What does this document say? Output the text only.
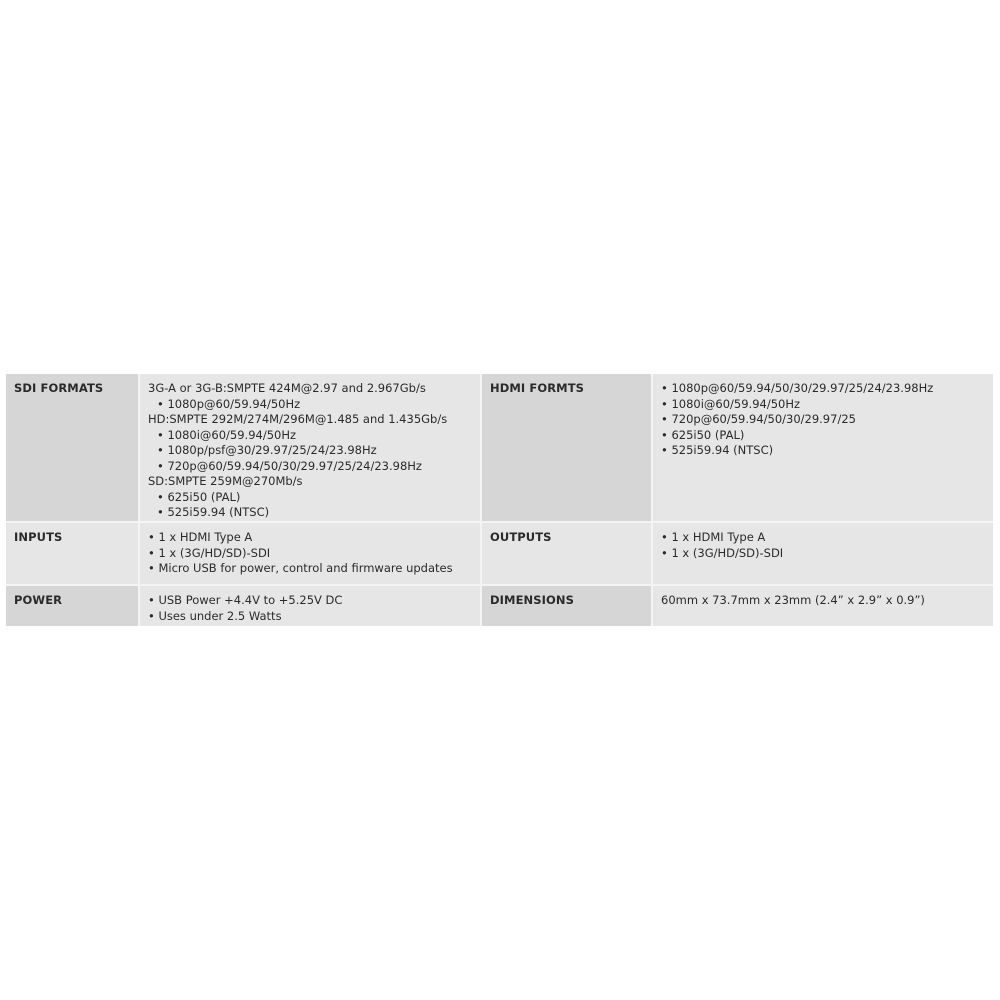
SDI FORMATS	3G-A or 3G-B:SMPTE 424M@2.97 and 2.967Gb/s
• 1080p@60/59.94/50Hz
HD:SMPTE 292M/274M/296M@1.485 and 1.435Gb/s
• 1080i@60/59.94/50Hz
• 1080p/psf@30/29.97/25/24/23.98Hz
• 720p@60/59.94/50/30/29.97/25/24/23.98Hz
SD:SMPTE 259M@270Mb/s
• 625i50 (PAL)
• 525i59.94 (NTSC)
HDMI FORMTS	• 1080p@60/59.94/50/30/29.97/25/24/23.98Hz
• 1080i@60/59.94/50Hz
• 720p@60/59.94/50/30/29.97/25
• 625i50 (PAL)
• 525i59.94 (NTSC)
INPUTS	• 1 x HDMI Type A
• 1 x (3G/HD/SD)-SDI
• Micro USB for power, control and firmware updates
OUTPUTS	• 1 x HDMI Type A
• 1 x (3G/HD/SD)-SDI
POWER	• USB Power +4.4V to +5.25V DC
• Uses under 2.5 Watts
DIMENSIONS	60mm x 73.7mm x 23mm (2.4” x 2.9” x 0.9”)
